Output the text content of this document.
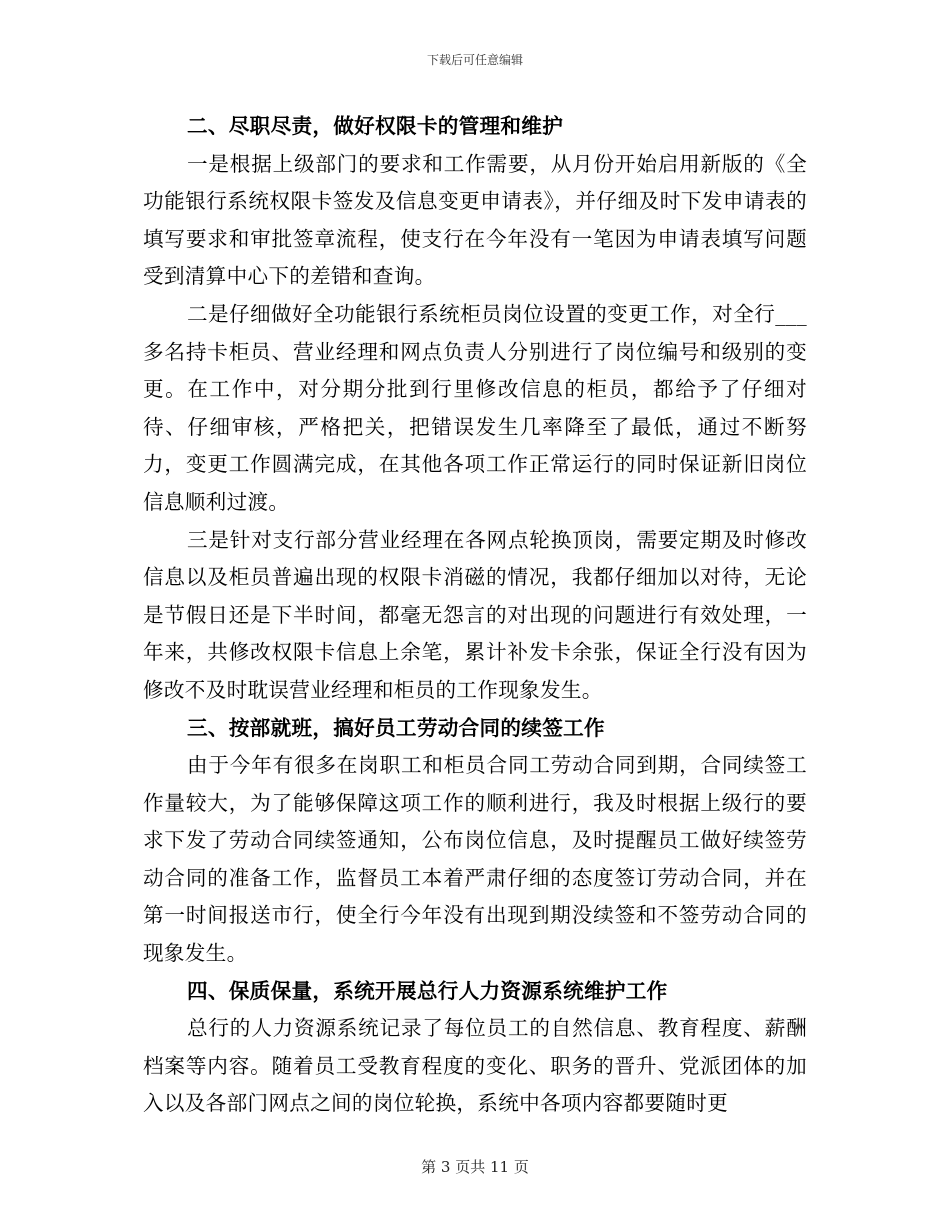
下载后可任意编辑

二、尽职尽责，做好权限卡的管理和维护

一是根据上级部门的要求和工作需要，从月份开始启用新版的《全功能银行系统权限卡签发及信息变更申请表》，并仔细及时下发申请表的填写要求和审批签章流程，使支行在今年没有一笔因为申请表填写问题受到清算中心下的差错和查询。

二是仔细做好全功能银行系统柜员岗位设置的变更工作，对全行___多名持卡柜员、营业经理和网点负责人分别进行了岗位编号和级别的变更。在工作中，对分期分批到行里修改信息的柜员，都给予了仔细对待、仔细审核，严格把关，把错误发生几率降至了最低，通过不断努力，变更工作圆满完成，在其他各项工作正常运行的同时保证新旧岗位信息顺利过渡。

三是针对支行部分营业经理在各网点轮换顶岗，需要定期及时修改信息以及柜员普遍出现的权限卡消磁的情况，我都仔细加以对待，无论是节假日还是下半时间，都毫无怨言的对出现的问题进行有效处理，一年来，共修改权限卡信息上余笔，累计补发卡余张，保证全行没有因为修改不及时耽误营业经理和柜员的工作现象发生。

三、按部就班，搞好员工劳动合同的续签工作

由于今年有很多在岗职工和柜员合同工劳动合同到期，合同续签工作量较大，为了能够保障这项工作的顺利进行，我及时根据上级行的要求下发了劳动合同续签通知，公布岗位信息，及时提醒员工做好续签劳动合同的准备工作，监督员工本着严肃仔细的态度签订劳动合同，并在第一时间报送市行，使全行今年没有出现到期没续签和不签劳动合同的现象发生。

四、保质保量，系统开展总行人力资源系统维护工作

总行的人力资源系统记录了每位员工的自然信息、教育程度、薪酬档案等内容。随着员工受教育程度的变化、职务的晋升、党派团体的加入以及各部门网点之间的岗位轮换，系统中各项内容都要随时更

第 3 页共 11 页
